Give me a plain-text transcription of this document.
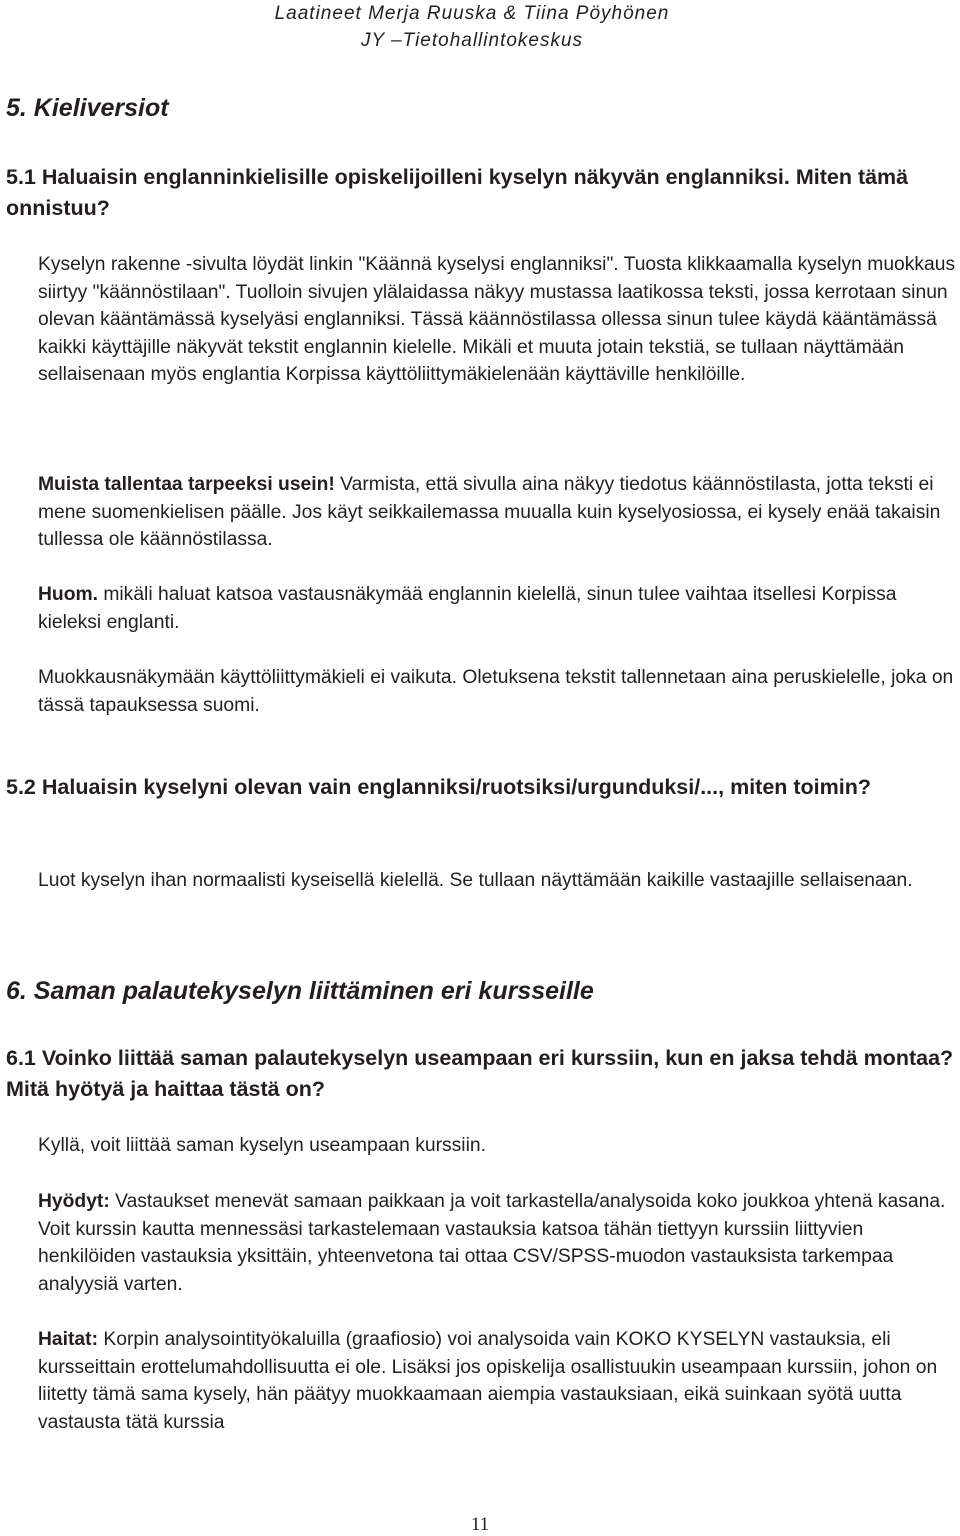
Laatineet Merja Ruuska & Tiina Pöyhönen
JY –Tietohallintokeskus
5. Kieliversiot
5.1 Haluaisin englanninkielisille opiskelijoilleni kyselyn näkyvän englanniksi. Miten tämä onnistuu?

Kyselyn rakenne -sivulta löydät linkin "Käännä kyselysi englanniksi". Tuosta klikkaamalla kyselyn muokkaus siirtyy "käännöstilaan". Tuolloin sivujen ylälaidassa näkyy mustassa laatikossa teksti, jossa kerrotaan sinun olevan kääntämässä kyselyäsi englanniksi. Tässä käännöstilassa ollessa sinun tulee käydä kääntämässä kaikki käyttäjille näkyvät tekstit englannin kielelle. Mikäli et muuta jotain tekstiä, se tullaan näyttämään sellaisenaan myös englantia Korpissa käyttöliittymäkielenään käyttäville henkilöille.

Muista tallentaa tarpeeksi usein! Varmista, että sivulla aina näkyy tiedotus käännöstilasta, jotta teksti ei mene suomenkielisen päälle. Jos käyt seikkailemassa muualla kuin kyselyosiossa, ei kysely enää takaisin tullessa ole käännöstilassa.

Huom. mikäli haluat katsoa vastausnäkymää englannin kielellä, sinun tulee vaihtaa itsellesi Korpissa kieleksi englanti.

Muokkausnäkymään käyttöliittymäkieli ei vaikuta. Oletuksena tekstit tallennetaan aina peruskielelle, joka on tässä tapauksessa suomi.

5.2 Haluaisin kyselyni olevan vain englanniksi/ruotsiksi/urgunduksi/..., miten toimin?

Luot kyselyn ihan normaalisti kyseisellä kielellä. Se tullaan näyttämään kaikille vastaajille sellaisenaan.

6. Saman palautekyselyn liittäminen eri kursseille
6.1 Voinko liittää saman palautekyselyn useampaan eri kurssiin, kun en jaksa tehdä montaa? Mitä hyötyä ja haittaa tästä on?

Kyllä, voit liittää saman kyselyn useampaan kurssiin.

Hyödyt: Vastaukset menevät samaan paikkaan ja voit tarkastella/analysoida koko joukkoa yhtenä kasana. Voit kurssin kautta mennessäsi tarkastelemaan vastauksia katsoa tähän tiettyyn kurssiin liittyvien henkilöiden vastauksia yksittäin, yhteenvetona tai ottaa CSV/SPSS-muodon vastauksista tarkempaa analyysiä varten.

Haitat: Korpin analysointityökaluilla (graafiosio) voi analysoida vain KOKO KYSELYN vastauksia, eli kursseittain erottelumahdollisuutta ei ole. Lisäksi jos opiskelija osallistuukin useampaan kurssiin, johon on liitetty tämä sama kysely, hän päätyy muokkaamaan aiempia vastauksiaan, eikä suinkaan syötä uutta vastausta tätä kurssia

11
